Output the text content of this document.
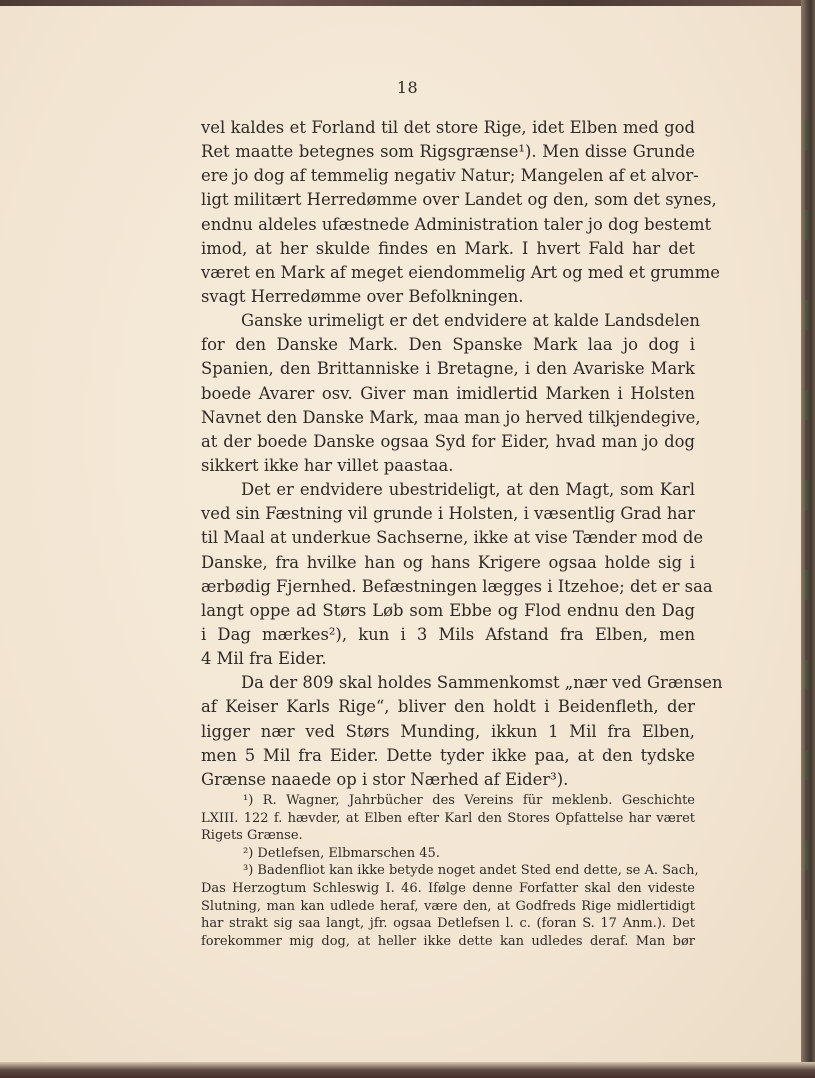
18
vel kaldes et Forland til det store Rige, idet Elben med god
Ret maatte betegnes som Rigsgrænse¹). Men disse Grunde
ere jo dog af temmelig negativ Natur; Mangelen af et alvor-
ligt militært Herredømme over Landet og den, som det synes,
endnu aldeles ufæstnede Administration taler jo dog bestemt
imod, at her skulde findes en Mark. I hvert Fald har det
været en Mark af meget eiendommelig Art og med et grumme
svagt Herredømme over Befolkningen.
Ganske urimeligt er det endvidere at kalde Landsdelen
for den Danske Mark. Den Spanske Mark laa jo dog i
Spanien, den Brittanniske i Bretagne, i den Avariske Mark
boede Avarer osv. Giver man imidlertid Marken i Holsten
Navnet den Danske Mark, maa man jo herved tilkjendegive,
at der boede Danske ogsaa Syd for Eider, hvad man jo dog
sikkert ikke har villet paastaa.
Det er endvidere ubestrideligt, at den Magt, som Karl
ved sin Fæstning vil grunde i Holsten, i væsentlig Grad har
til Maal at underkue Sachserne, ikke at vise Tænder mod de
Danske, fra hvilke han og hans Krigere ogsaa holde sig i
ærbødig Fjernhed. Befæstningen lægges i Itzehoe; det er saa
langt oppe ad Størs Løb som Ebbe og Flod endnu den Dag
i Dag mærkes²), kun i 3 Mils Afstand fra Elben, men
4 Mil fra Eider.
Da der 809 skal holdes Sammenkomst „nær ved Grænsen
af Keiser Karls Rige“, bliver den holdt i Beidenfleth, der
ligger nær ved Størs Munding, ikkun 1 Mil fra Elben,
men 5 Mil fra Eider. Dette tyder ikke paa, at den tydske
Grænse naaede op i stor Nærhed af Eider³).
¹) R. Wagner, Jahrbücher des Vereins für meklenb. Geschichte
LXIII. 122 f. hævder, at Elben efter Karl den Stores Opfattelse har været
Rigets Grænse.
²) Detlefsen, Elbmarschen 45.
³) Badenfliot kan ikke betyde noget andet Sted end dette, se A. Sach,
Das Herzogtum Schleswig I. 46. Ifølge denne Forfatter skal den videste
Slutning, man kan udlede heraf, være den, at Godfreds Rige midlertidigt
har strakt sig saa langt, jfr. ogsaa Detlefsen l. c. (foran S. 17 Anm.). Det
forekommer mig dog, at heller ikke dette kan udledes deraf. Man bør
